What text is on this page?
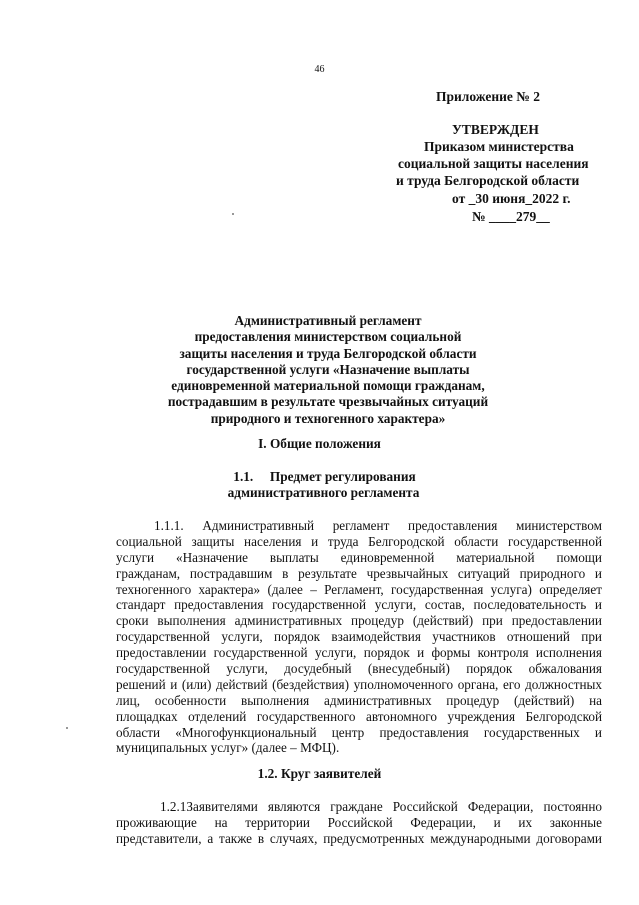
46
Приложение № 2
УТВЕРЖДЕН
Приказом министерства
социальной защиты населения
и труда Белгородской области
от _30 июня_2022 г.
№ ____279__
Административный регламент
предоставления министерством социальной
защиты населения и труда Белгородской области
государственной услуги «Назначение выплаты
единовременной материальной помощи гражданам,
пострадавшим в результате чрезвычайных ситуаций
природного и техногенного характера»
I. Общие положения
1.1.     Предмет регулирования
административного регламента
1.1.1. Административный регламент предоставления министерством
социальной защиты населения и труда Белгородской области государственной
услуги «Назначение выплаты единовременной материальной помощи
гражданам, пострадавшим в результате чрезвычайных ситуаций природного и
техногенного характера» (далее – Регламент, государственная услуга) определяет
стандарт предоставления государственной услуги, состав, последовательность и
сроки выполнения административных процедур (действий) при предоставлении
государственной услуги, порядок взаимодействия участников отношений при
предоставлении государственной услуги, порядок и формы контроля исполнения
государственной услуги, досудебный (внесудебный) порядок обжалования
решений и (или) действий (бездействия) уполномоченного органа, его должностных
лиц, особенности выполнения административных процедур (действий) на
площадках отделений государственного автономного учреждения Белгородской
области «Многофункциональный центр предоставления государственных и
муниципальных услуг» (далее – МФЦ).
1.2. Круг заявителей
1.2.1Заявителями являются граждане Российской Федерации, постоянно
проживающие на территории Российской Федерации, и их законные
представители, а также в случаях, предусмотренных международными договорами
